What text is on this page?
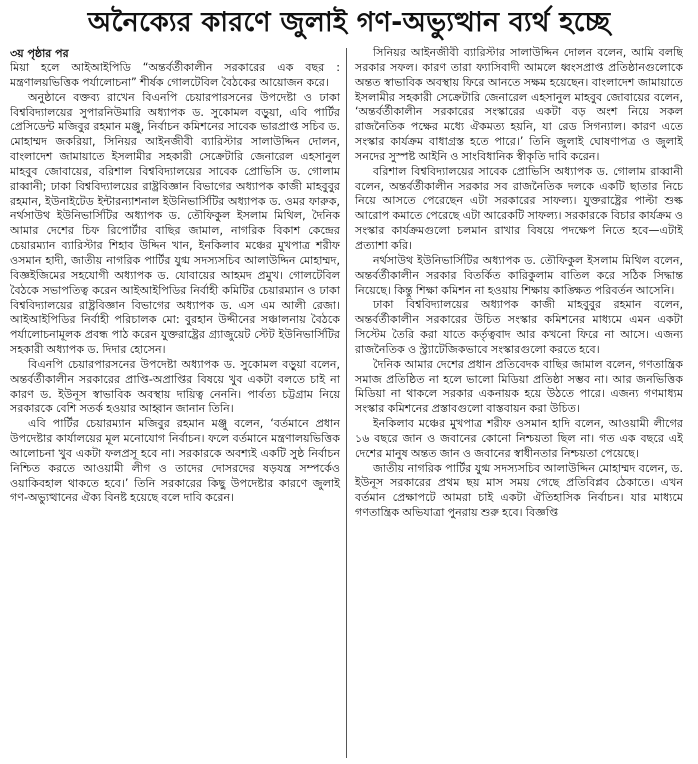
অনৈক্যের কারণে জুলাই গণ-অভ্যুত্থান ব্যর্থ হচ্ছে
৩য় পৃষ্ঠার পর

মিয়া হলে আইআইপিডি “অন্তর্বর্তীকালীন সরকারের এক বছর : মন্ত্রণালয়ভিত্তিক পর্যালোচনা” শীর্ষক গোলটেবিল বৈঠকের আয়োজন করে।

অনুষ্ঠানে বক্তব্য রাখেন বিএনপি চেয়ারপারসনের উপদেষ্টা ও ঢাকা বিশ্ববিদ্যালয়ের সুপারনিউমারি অধ্যাপক ড. সুকোমল বড়ুয়া, এবি পার্টির প্রেসিডেন্ট মজিবুর রহমান মঞ্জু, নির্বাচন কমিশনের সাবেক ভারপ্রাপ্ত সচিব ড. মোহাম্মদ জকরিয়া, সিনিয়র আইনজীবী ব্যারিস্টার সালাউদ্দিন দোলন, বাংলাদেশ জামায়াতে ইসলামীর সহকারী সেক্রেটারি জেনারেল এহসানুল মাহবুব জোবায়ের, বরিশাল বিশ্ববিদ্যালয়ের সাবেক প্রোভিসি ড. গোলাম রাব্বানী; ঢাকা বিশ্ববিদ্যালয়ের রাষ্ট্রবিজ্ঞান বিভাগের অধ্যাপক কাজী মাহবুবুর রহমান, ইউনাইটেড ইন্টারন্যাশনাল ইউনিভার্সিটির অধ্যাপক ড. ওমর ফারুক, নর্থসাউথ ইউনিভার্সিটির অধ্যাপক ড. তৌফিকুল ইসলাম মিথিল, দৈনিক আমার দেশের চিফ রিপোর্টার বাছির জামাল, নাগরিক বিকাশ কেন্দ্রের চেয়ারম্যান ব্যারিস্টার শিহাব উদ্দিন খান, ইনকিলাব মঞ্চের মুখপাত্র শরীফ ওসমান হাদী, জাতীয় নাগরিক পার্টির যুগ্ম সদস্যসচিব আলাউদ্দিন মোহাম্মদ, বিজ্ঞইজিমের সহযোগী অধ্যাপক ড. যোবায়ের আহমদ প্রমুখ। গোলটেবিল বৈঠকে সভাপতিত্ব করেন আইআইপিডির নির্বাহী কমিটির চেয়ারম্যান ও ঢাকা বিশ্ববিদ্যালয়ের রাষ্ট্রবিজ্ঞান বিভাগের অধ্যাপক ড. এস এম আলী রেজা। আইআইপিডির নির্বাহী পরিচালক মো: বুরহান উদ্দীনের সঞ্চালনায় বৈঠকে পর্যালোচনামূলক প্রবন্ধ পাঠ করেন যুক্তরাষ্ট্রের গ্র্যাজুয়েট স্টেট ইউনিভার্সিটির সহকারী অধ্যাপক ড. দিদার হোসেন।

বিএনপি চেয়ারপারসনের উপদেষ্টা অধ্যাপক ড. সুকোমল বড়ুয়া বলেন, অন্তর্বর্তীকালীন সরকারের প্রাপ্তি-অপ্রাপ্তির বিষয়ে খুব একটা বলতে চাই না কারণ ড. ইউনূস স্বাভাবিক অবস্থায় দায়িত্ব নেননি। পার্বত্য চট্টগ্রাম নিয়ে সরকারকে বেশি সতর্ক হওয়ার আহ্বান জানান তিনি।

এবি পার্টির চেয়ারম্যান মজিবুর রহমান মঞ্জু বলেন, ‘বর্তমানে প্রধান উপদেষ্টার কার্যালয়ের মূল মনোযোগ নির্বাচন। ফলে বর্তমানে মন্ত্রণালয়ভিত্তিক আলোচনা খুব একটা ফলপ্রসূ হবে না। সরকারকে অবশ্যই একটি সুষ্ঠ নির্বাচন নিশ্চিত করতে আওয়ামী লীগ ও তাদের দোসরদের ষড়যন্ত্র সম্পর্কেও ওয়াকিবহাল থাকতে হবে।’ তিনি সরকারের কিছু উপদেষ্টার কারণে জুলাই গণ-অভ্যুত্থানের ঐক্য বিনষ্ট হয়েছে বলে দাবি করেন।

সিনিয়র আইনজীবী ব্যারিস্টার সালাউদ্দিন দোলন বলেন, আমি বলছি সরকার সফল। কারণ তারা ফ্যাসিবাদী আমলে ধ্বংসপ্রাপ্ত প্রতিষ্ঠানগুলোকে অন্তত স্বাভাবিক অবস্থায় ফিরে আনতে সক্ষম হয়েছেন। বাংলাদেশ জামায়াতে ইসলামীর সহকারী সেক্রেটারি জেনারেল এহসানুল মাহবুব জোবায়ের বলেন, ‘অন্তর্বর্তীকালীন সরকারের সংস্কারের একটা বড় অংশ নিয়ে সকল রাজনৈতিক পক্ষের মধ্যে ঐকমত্য হয়নি, যা রেড সিগন্যাল। কারণ এতে সংস্কার কার্যক্রম বাধাগ্রস্ত হতে পারে।’ তিনি জুলাই ঘোষণাপত্র ও জুলাই সনদের সুস্পষ্ট আইনি ও সাংবিধানিক স্বীকৃতি দাবি করেন।

বরিশাল বিশ্ববিদ্যালয়ের সাবেক প্রোভিসি অধ্যাপক ড. গোলাম রাব্বানী বলেন, অন্তর্বর্তীকালীন সরকার সব রাজনৈতিক দলকে একটি ছাতার নিচে নিয়ে আসতে পেরেছেন এটা সরকারের সাফল্য। যুক্তরাষ্ট্রের পাল্টা শুল্ক আরোপ কমাতে পেরেছে এটা আরেকটি সাফল্য। সরকারকে বিচার কার্যক্রম ও সংস্কার কার্যক্রমগুলো চলমান রাখার বিষয়ে পদক্ষেপ নিতে হবে—এটাই প্রত্যাশা করি।

নর্থসাউথ ইউনিভার্সিটির অধ্যাপক ড. তৌফিকুল ইসলাম মিথিল বলেন, অন্তর্বর্তীকালীন সরকার বিতর্কিত কারিকুলাম বাতিল করে সঠিক সিদ্ধান্ত নিয়েছে। কিন্তু শিক্ষা কমিশন না হওয়ায় শিক্ষায় কাঙ্ক্ষিত পরিবর্তন আসেনি।

ঢাকা বিশ্ববিদ্যালয়ের অধ্যাপক কাজী মাহবুবুর রহমান বলেন, অন্তর্বর্তীকালীন সরকারের উচিত সংস্কার কমিশনের মাধ্যমে এমন একটা সিস্টেম তৈরি করা যাতে কর্তৃত্ববাদ আর কখনো ফিরে না আসে। এজন্য রাজনৈতিক ও স্ট্র্যাটেজিকভাবে সংস্কারগুলো করতে হবে।

দৈনিক আমার দেশের প্রধান প্রতিবেদক বাছির জামাল বলেন, গণতান্ত্রিক সমাজ প্রতিষ্ঠিত না হলে ভালো মিডিয়া প্রতিষ্ঠা সম্ভব না। আর জনভিত্তিক মিডিয়া না থাকলে সরকার একনায়ক হয়ে উঠতে পারে। এজন্য গণমাধ্যম সংস্কার কমিশনের প্রস্তাবগুলো বাস্তবায়ন করা উচিত।

ইনকিলাব মঞ্চের মুখপাত্র শরীফ ওসমান হাদি বলেন, আওয়ামী লীগের ১৬ বছরে জান ও জবানের কোনো নিশ্চয়তা ছিল না। গত এক বছরে এই দেশের মানুষ অন্তত জান ও জবানের স্বাধীনতার নিশ্চয়তা পেয়েছে।

জাতীয় নাগরিক পার্টির যুগ্ম সদস্যসচিব আলাউদ্দিন মোহাম্মদ বলেন, ড. ইউনূস সরকারের প্রথম ছয় মাস সময় গেছে প্রতিবিপ্লব ঠেকাতে। এখন বর্তমান প্রেক্ষাপটে আমরা চাই একটা ঐতিহাসিক নির্বাচন। যার মাধ্যমে গণতান্ত্রিক অভিযাত্রা পুনরায় শুরু হবে। বিজ্ঞপ্তি
